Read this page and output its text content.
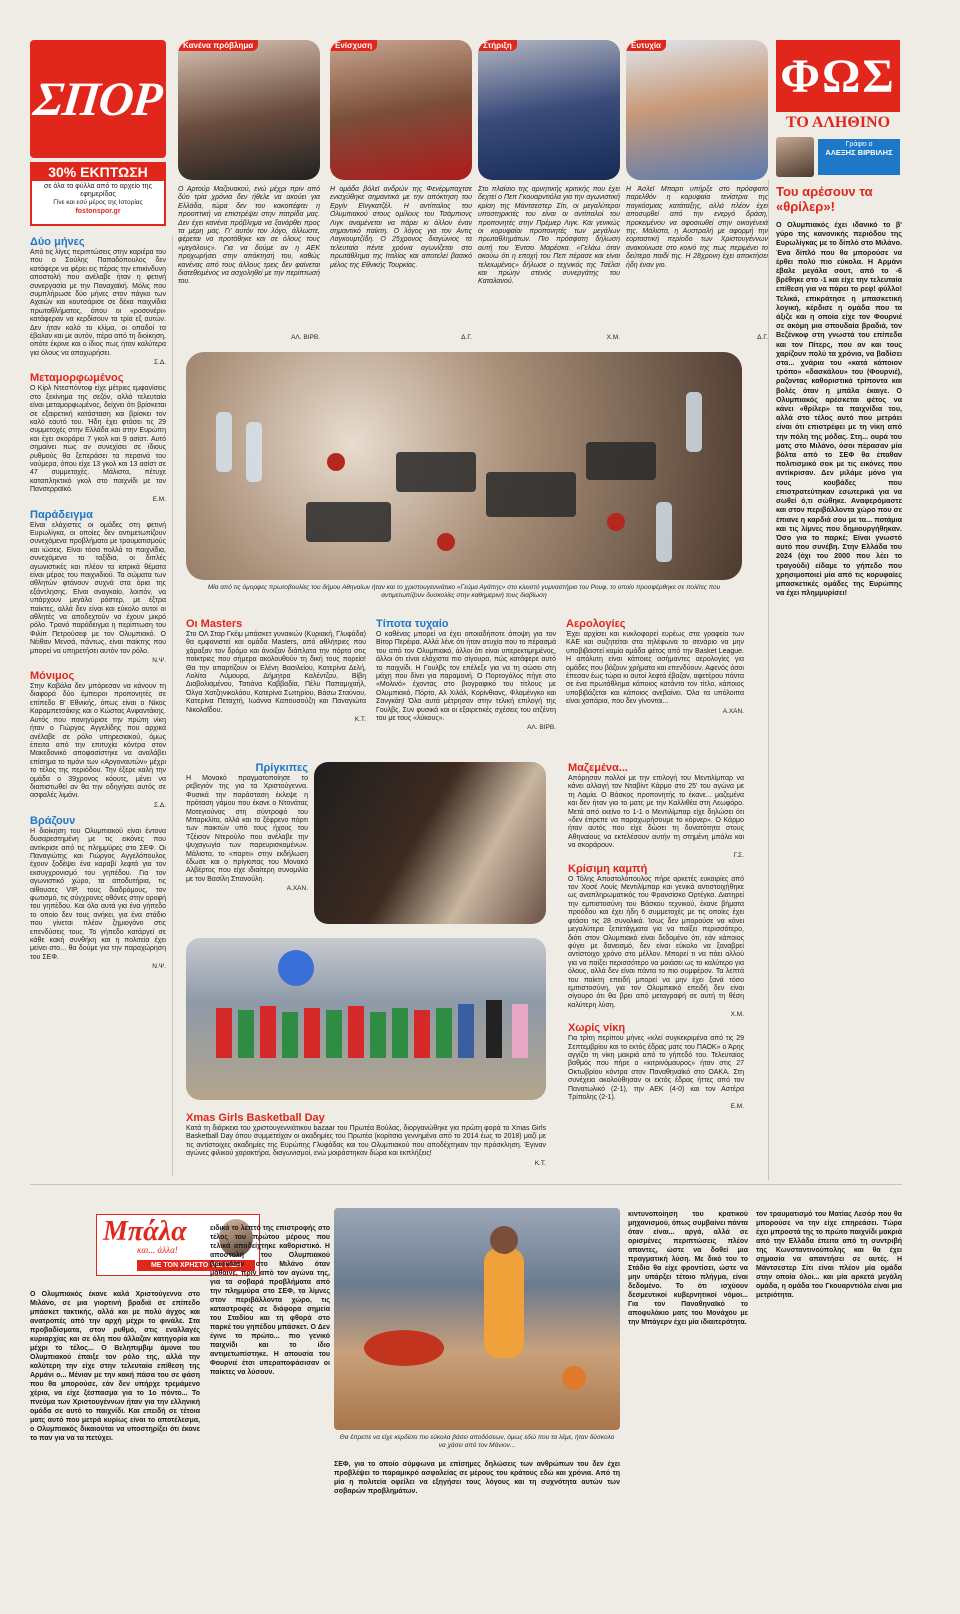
ΣΠΟΡ
30% ΕΚΠΤΩΣΗ
σε όλα τα φύλλα από το αρχείο της εφημερίδας
Γίνε και εσύ μέρος της Ιστορίας
fostonspor.gr
Κανένα πρόβλημα
Ο Αρτούρ Μαζουακού, ενώ μέχρι πριν από δύο τρία χρόνια δεν ήθελε να ακούει για Ελλάδα, τώρα δεν του κακοπέφτει η προοπτική να επιστρέψει στην πατρίδα μας. Δεν έχει κανένα πρόβλημα να ξανάρθει προς τα μέρη μας. Γι' αυτόν τον λόγο, άλλωστε, φέρεται να προτάθηκε και σε όλους τους «μεγάλους». Για να δούμε αν η ΑΕΚ προχωρήσει στην απόκτησή του, καθώς κανένας από τους άλλους τρεις δεν φαίνεται διατεθειμένος να ασχοληθεί με την περίπτωσή του.
ΑΛ. ΒΙΡΒ.
Ενίσχυση
Η ομάδα βόλεϊ ανδρών της Φενέρμπαχτσε ενισχύθηκε σημαντικά με την απόκτηση του Εργίν Εϊνγκατζέλ. Η αντίπαλος του Ολυμπιακού στους ομίλους του Τσάμπιονς Λιγκ αναμένεται να πάρει κι άλλον έναν σημαντικό παίκτη. Ο λόγος για τον Αντις Λαγκουμτζίδη. Ο 25χρονος διαγώνιος τα τελευταία πέντε χρόνια αγωνίζεται στο πρωτάθλημα της Ιταλίας και αποτελεί βασικό μέλος της Εθνικής Τουρκίας.
Δ.Γ.
Στήριξη
Στο πλαίσιο της αρνητικής κριτικής που έχει δεχτεί ο Πεπ Γκουαρντιόλα για την αγωνιστική κρίση της Μάντσεστερ Σίτι, οι μεγαλύτεροι υποστηρικτές του είναι οι αντίπαλοί του προπονητές στην Πρέμιερ Λιγκ. Και γενικώς οι κορυφαίοι προπονητές των μεγάλων πρωταθλημάτων. Πιο πρόσφατη δήλωση αυτή του Έντσο Μαρέσκα. «Γελάω όταν ακούω ότι η εποχή του Πεπ πέρασε και είναι τελειωμένος» δήλωσε ο τεχνικός της Τσέλσι και πρώην στενός συνεργάτης του Καταλανού.
Χ.Μ.
Ευτυχία
Η Άσλεϊ Μπαρτι υπήρξε στο πρόσφατο παρελθόν η κορυφαία τενίστρια της παγκόσμιας κατάταξης, αλλά πλέον έχει αποσυρθεί από την ενεργό δράση, προκειμένου να αφοσιωθεί στην οικογένειά της. Μάλιστα, η Αυστραλή με αφορμή την εορταστική περίοδο των Χριστουγέννων ανακοίνωσε στο κοινό της πως περιμένει το δεύτερο παιδί της. Η 28χρονη έχει αποκτήσει ήδη έναν γιο.
Δ.Γ.
Δύο μήνες
Από τις λίγες περιπτώσεις στην καριέρα του που ο Σούλης Παπαδόπουλος δεν κατάφερε να φέρει εις πέρας την επικίνδυνη αποστολή που ανέλαβε ήταν η φετινή συνεργασία με την Παναχαϊκή. Μόλις που συμπλήρωσε δύο μήνες στον πάγκο των Αχαιών και κουτσάρισε σε δέκα παιχνίδια πρωταθλήματος, όπου οι «ροσονέρι» κατάφεραν να κερδίσουν τα τρία εξ αυτών. Δεν ήταν καλό το κλίμα, οι οπαδοί τα έβαλαν και με αυτόν, πέρα από τη διοίκηση, οπότε έκρινε και ο ίδιος πως ήταν καλύτερα για όλους να αποχωρήσει.
Σ.Δ.
Μεταμορφωμένος
Ο Κίρλ Ντεσπόντοφ είχε μέτριες εμφανίσεις στο ξεκίνημα της σεζόν, αλλά τελευταία είναι μεταμορφωμένος, δείχνει ότι βρίσκεται σε εξαιρετική κατάσταση και βρίσκει τον καλό εαυτό του. Ήδη έχει φτάσει τις 29 συμμετοχές στην Ελλάδα και στην Ευρώπη και έχει σκοράρει 7 γκολ και 9 ασίστ. Αυτό σημαίνει πως αν συνεχίσει σε ίδιους ρυθμούς θα ξεπεράσει τα περσινά του νούμερα, όπου είχε 13 γκολ και 13 ασίστ σε 47 συμμετοχές. Μάλιστα, πέτυχε καταπληκτικό γκολ στο παιχνίδι με τον Πανσερραϊκό.
Ε.Μ.
Παράδειγμα
Είναι ελάχιστες οι ομάδες στη φετινή Ευρωλίγκα, οι οποίες δεν αντιμετωπίζουν συνεχόμενα προβλήματα με τραυματισμούς και ιώσεις. Είναι τόσα πολλά τα παιχνίδια, συνεχόμενα τα ταξίδια, οι διπλές αγωνιστικές και πλέον τα ιατρικά θέματα είναι μέρος του παιχνιδιού. Τα σώματα των αθλητών φτάνουν συχνά στα όρια της εξάντλησης. Είναι αναγκαίο, λοιπόν, να υπάρχουν μεγάλα ρόστερ, με έξτρα παίκτες, αλλά δεν είναι και εύκολο αυτοί οι αθλητές να αποδεχτούν να έχουν μικρό ρόλο. Τρανό παράδειγμα η περίπτωση του Φιλίπ Πετρούσεφ με τον Ολυμπιακό. Ο Νέιθαν Μενσά, πάντως, είναι παίκτης που μπορεί να υπηρετήσει αυτόν τον ρόλο.
Ν.Ψ.
Μόνιμος
Στην Καβάλα δεν μπόρεσαν να κάνουν τη διαφορά δύο έμπειροι προπονητές σε επίπεδο Β' Εθνικής, όπως είναι ο Νίκος Καραμπετσάκης και ο Κώστας Ανφαντάκης. Αυτός που πανηγύρισε την πρώτη νίκη ήταν ο Γιώργος Αγγελίδης που αρχικά ανέλαβε σε ρόλο υπηρεσιακού, όμως έπειτα από την επιτυχία κόντρα στον Μακεδονικό αποφασίστηκε να αναλάβει επίσημα το τιμόνι των «Αργοναυτών» μέχρι το τέλος της περιόδου. Την έξερε καλή την ομάδα ο 39χρονος κόουτς, μένει να διαπιστωθεί αν θα την οδηγήσει αυτός σε ασφαλές λιμάνι.
Σ.Δ.
Βράζουν
Η διοίκηση του Ολυμπιακού είναι έντονα δυσαρεστημένη με τις εικόνες που αντίκρισε από τις πλημμύρες στο ΣΕΦ. Οι Παναγιώτης και Γιώργος Αγγελόπουλος έχουν ξοδέψει ένα καραβί λεφτά για τον εκσυγχρονισμό του γηπέδου. Για τον αγωνιστικό χώρο, τα αποδυτήρια, τις αίθουσες VIP, τους διαδρόμους, τον φωτισμό, τις σύγχρονες οθόνες στην οροφή του γηπέδου. Και όλα αυτά για ένα γήπεδο το οποίο δεν τους ανήκει, για ένα στάδιο που γίνεται πλέον ζημιογόνο στις επενδύσεις τους. Το γήπεδο κατάργεί σε κάθε κακή συνθήκη και η πολιτεία έχει μείνει στο... θα δούμε για την παραχώρηση του ΣΕΦ.
Ν.Ψ.
Μία από τις όμορφες πρωτοβουλίες του δήμου Αθηναίων ήταν και το χριστουγεννιάτικο «Γεύμα Αγάπης» στο κλειστό γυμναστήριο του Ρουφ, το οποίο προσφέρθηκε σε πολίτες που αντιμετωπίζουν δυσκολίες στην καθημερινή τους διαβίωση
Οι Masters
Στο ΟΛ Σταρ Γκέιμ μπάσκετ γυναικών (Κυριακή, Γλυφάδα) θα εμφανιστεί και ομάδα Masters, από αθλήτριες που χάραξαν τον δρόμο και άνοιξαν διάπλατα την πόρτα στις παίκτριες που σήμερα ακολουθούν τη δική τους πορεία! Θα την απαρτίζουν οι Ελένη Βασιλείου, Κατερίνα Δελή, Λολίτα Λύμουρα, Δήμητρα Καλέντζου, Βίβη Διαβολιαμένου, Τατιάνα Καββαδία, Πέλυ Παπαμιχαήλ, Όλγα Χατζηνικολάου, Κατερίνα Σωτηρίου, Βάσω Σταύνου, Κατερίνα Πεταχτή, Ιωάννα Καπουσούζη και Παναγιώτα Νικολαΐδου.
Κ.Τ.
Τίποτα τυχαίο
Ο καθένας μπορεί να έχει οποιαδήποτε άποψη για τον Βίτορ Περέιρα. Αλλά λένε ότι ήταν ατυχία που το πέρασμά του από τον Ολυμπιακό, άλλοι ότι είναι υπερεκτιμημένος, άλλοι ότι είναι ελάχιστα πιο σίγουρα, πώς κατάφερε αυτό το παιχνίδι. Η Γουλβς τον επέλεξε για να τη σώσει στη μάχη που δίνει για παραμονή. Ο Πορτογάλος πήγε στο «Μολινό» έχοντας στο βιογραφικό του τίτλους με Ολυμπιακό, Πόρτο, Αλ Χιλάλ, Κορίνθιανς, Φλαμένγκο και Σανγκάη! Όλα αυτά μέτρησαν στην τελική επιλογή της Γουλβς. Συν φυσικά και οι εξαιρετικές σχέσεις του ατζέντη του με τους «λύκους».
ΑΛ. ΒΙΡΒ.
Αερολογίες
Έχει αρχίσει και κυκλοφορεί ευρέως στα γραφεία των ΚΑΕ και συζητείται στα τηλέφωνα το σενάριο να μην υποβιβαστεί καμία ομάδα φέτος από την Basket League. Η απόλυτη είναι κάποιες ασήμαντες αερολογίες για ομάδες που βάζουν χρήματα και επενδύουν. Αφενός όσοι έπεσαν έως τώρα κι αυτοί λεφτά έβαζαν, αφετέρου πάντα σε ένα πρωτάθλημα κάποιος κατάντα τον τίτλο, κάποιος υποβιβάζεται και κάποιος ανεβαίνει. Όλα τα υπόλοιπα είναι χαπάρια, που δεν γίνονται...
Α.ΧΑΝ.
Πρίγκιπες
Η Μονακό πραγματοποίησε το ρεβεγιόν της για τα Χριστούγεννα. Φυσικά την παράσταση έκλεψε η πρόταση γάμου που έκανε ο Ντονάτας Μοτεγιούνας στη σύντροφό του Μπαρκλίτα, αλλά και το ξέφρενο πάρτι των παικτών υπό τους ήχους του Τζέισον Ντερούλο που ανέλαβε την ψυχαγωγία των παρευρισκομένων. Μάλιστα, το «παρτι» στην εκδήλωση έδωσε και ο πρίγκιπας του Μονακό Αλβέρτος που είχε ιδιαίτερη συνομιλία με τον Βασίλη Σπανούλη.
Α.ΧΑΝ.
Μαζεμένα...
Απόρησαν πολλοί με την επιλογή του Μεντιλίμπαρ να κάνει αλλαγή τον Νταβίντ Κάρμο στο 25' του αγώνα με τη Λαμία. Ο Βάσκος προπονητής το έκανε... μαζεμένα και δεν ήταν για το ματς με την Καλλιθέα στη Λεωφόρο. Μετά από εκείνο το 1-1 ο Μεντιλίμπαρ είχε δηλώσει ότι «δεν έπρεπε να παραχωρήσουμε το κόρνερ». Ο Κάρμο ήταν αυτός που είχε δώσει τη δυνατότητα στους Αθηναίους να εκτελέσουν αυτήν τη στημένη μπάλα και να σκοράρουν.
Γ.Σ.
Κρίσιμη καμπή
Ο Τόλης Αποστολόπουλος πήρε αρκετές ευκαιρίες από τον Χοσέ Λουίς Μεντιλίμπαρ και γενικά αντιστοιχήθηκε ως αναπληρωματικός του Φρανσίσκο Ορτέγκα. Διατηρεί την εμπιστοσύνη του Βάσκου τεχνικού, έκανε βήματα προόδου και έχει ήδη 6 συμμετοχές με τις οποίες έχει φτάσει τις 28 συνολικά. Ίσως δεν μπορούσε να κάνει μεγαλύτερα ξεπετάγματα για να παίξει περισσότερο, διότι στον Ολυμπιακό είναι δεδομένο ότι, εάν κάποιος φύγει με δανεισμό, δεν είναι εύκολο να ξαναβρεί αντίστοιχο χρόνο στο μέλλον. Μπορεί τι να πάει αλλού για να παίξει περισσότερο να μοιάσει ως το καλύτερο για όλους, αλλά δεν είναι πάντα το πιο συμφέρον. Τα λεπτά του παίκτη επειδή μπορεί να μην έχει ξανά τόσο εμπιστοσύνη, για τον Ολυμπιακό επειδή δεν είναι σίγουρο ότι θα βρει από μεταγραφή σε αυτή τη θέση καλύτερη λύση.
Χ.Μ.
Χωρίς νίκη
Για τρίτη περίπου μήνες «κλεί συγκεκριμένα από τις 29 Σεπτεμβρίου και το εκτός έδρας ματς του ΠΑΟΚ» ο Άρης αγγίζει τη νίκη μακριά από το γήπεδό του. Τελευταίος βαθμός που πήρε ο «κιτρινόμαυρος» ήταν στις 27 Οκτωβρίου κόντρα στον Παναθηναϊκό στο ΟΑΚΑ. Στη συνέχεια ακολούθησαν οι εκτός έδρας ήττες από τον Πανατωλικό (2-1), την ΑΕΚ (4-0) και τον Αστέρα Τρίπολης (2-1).
Ε.Μ.
Xmas Girls Basketball Day
Κατά τη διάρκεια του χριστουγεννιάτικου bazaar του Πρωτέα Βούλας, διοργανώθηκε για πρώτη φορά το Xmas Girls Basketball Day όπου συμμετείχαν οι ακαδημίες του Πρωτέα (κορίτσια γεννημένα από το 2014 έως το 2018) μαζί με τις αντίστοιχες ακαδημίες της Ευρώπης Γλυφάδας και του Ολυμπιακού που αποδέχτηκαν την πρόσκληση. Έγιναν αγώνες φιλικού χαρακτήρα, διαγωνισμοί, ενώ μοιράστηκαν δώρα και εκπλήξεις!
Κ.Τ.
ΦΩΣ
ΤΟ ΑΛΗΘΙΝΟ
Γράφει ο
ΑΛΕΞΗΣ ΒΙΡΒΙΛΗΣ
Του αρέσουν τα «θρίλερ»!
Ο Ολυμπιακός έχει ιδανικό το β' γύρο της κανονικής περιόδου της Ευρωλίγκας με το δίπλό στο Μιλάνο. Ένα δίπλό που θα μπορούσε να έρθει πολύ πιο εύκολα. Η Αρμάνι έβαλε μεγάλα σουτ, από το -6 βρέθηκε στο -1 και είχε την τελευταία επίθεση για να πάρει το ρεφ! φύλλο! Τελικά, επικράτησε η μπασκετική λογική, κέρδισε η ομάδα που τα άξιζε και η οποία είχε τον Φουρνιέ σε ακόμη μια σπουδαία βραδιά, τον Βεζένκοφ στη γνωστά του επίπεδα και τον Πίτερς, που αν και τους χαρίζουν πολύ τα χρόνια, να βαδίσει στα... χνάρια του «κατά κάποιον τρόπο» «δασκάλου» του (Φουρνιέ), ραζοντας καθοριστικά τρίποντα και βολές όταν η μπάλα έκαιγε. Ο Ολυμπιακός αρέσκεται φέτος να κάνει «θρίλερ» τα παιχνίδια του, αλλά στο τέλος αυτό που μετράει είναι ότι επιστρέφει με τη νίκη από την πόλη της μόδας. Στη... ουρά του ματς στο Μιλάνο, όσοι πέρασαν μία βόλτα από το ΣΕΦ θα έπαθαν πολιτισμικό σοκ με τις εικόνες που αντίκρισαν. Δεν μιλάμε μόνο για τους κουβάδες που επιστρατεύτηκαν εσωτερικά για να σωθεί ό,τι σώθηκε. Αναφερόμαστε και στον περιβάλλοντα χώρο που σε έπιανε η καρδιά σου με τα... ποτάμια και τις λίμνες που δημιουργήθηκαν. Όσο για το παρκέ; Είναι γνωστό αυτό που συνέβη. Στην Ελλάδα του 2024 (όχι του 2000 που λέει το τραγούδι) είδαμε το γήπεδο που χρησιμοποιεί μία από τις κορυφαίες μπασκετικές ομάδες της Ευρώπης να έχει πλημμυρίσει!
Μπάλα
και... άλλα!
ΜΕ ΤΟΝ ΧΡΗΣΤΟ ΜΕΓΓΙΔΗ
Ο Ολυμπιακός έκανε καλά Χριστούγεννα στο Μιλάνο, σε μια γιορτινή βραδιά σε επίπεδο μπάσκετ τακτικής, αλλά και με πολύ άγχος και ανατροπές από την αρχή μέχρι το φινάλε. Στα προβαδίσματα, στον ρυθμό, στις εναλλαγές κυριαρχίας και σε όλη που άλλαζαν κατηγορία και μέχρι το τέλος... Ο Βεληπιμβιμ άμυνα του Ολυμπιακού έπαιξε τον ρόλο της, αλλά την καλύτερη την είχε στην τελευταία επίθεση της Αρμάνι ο... Μένιαν με την κακή πάσα του σε φάση που θα μπορούσε, εάν δεν υπήρχε τρεμάμενο χέρια, να είχε ξέσπασμα για το 1ο πόντο... Το πνεύμα των Χριστουγέννων ήταν για την ελληνική ομάδα σε αυτό το παιχνίδι. Και επειδή σε τέτοια ματς αυτό που μετρά κυρίως είναι το αποτέλεσμα, ο Ολυμπιακός δικαιούται να υποστηρίξει ότι έκανε το παν για να τα πετύχει.
ειδικά το λεπτό της επιστροφής στο τέλος του πρώτου μέρους που τελικά αποδείχτηκε καθοριστικό. Η αποστολή του Ολυμπιακού βρισκόταν στο Μιλάνο όταν μάθαινε, πριν από τον αγώνα της, για τα σοβαρά προβλήματα από την πλημμύρα στο ΣΕΦ, τα λίμνες στον περιβάλλοντα χώρο, τις καταστροφές σε διάφορα σημεία του Σταδίου και τη φθορά στο παρκέ του γηπέδου μπάσκετ. Ο Δεν έγινε το πρώτο... πιο γενικό παιχνίδι και το ίδιο αντιμετωπίστηκε. Η απουσία του Φουρνιέ έτσι υπεραποφάσισαν οι παίκτες να λύσουν.
Θα έπρεπε να είχε κερδίσει πιο εύκολα βάσει αποδόσεων, όμως εδώ που τα λέμε, ήταν δύσκολο να χάσει από τον Μάνιον...
ΣΕΦ, για το οποίο σύμφωνα με επίσημες δηλώσεις των ανθρώπων του δεν έχει προβλέψει το παραμικρό ασφαλείας σε μέρους του κράτους εδώ και χρόνια. Από τη μία η πολιτεία οφείλει να εξηγήσει τους λόγους και τη συχνότητα αυτών των σοβαρών προβλημάτων.
κιντυνοποίηση του κρατικού μηχανισμού, όπως συμβαίνει πάντα όταν είναι... αργά, αλλά σε ορισμένες περιπτώσεις πλέον απαντες, ώστε να δοθεί μια πραγματική λύση. Με δικό του το Στάδιο θα είχε φροντίσει, ώστε να μην υπάρξει τέτοιο πλήγμα, είναι δεδομένο. Το ότι ισχύουν δεσμευτικοί κυβερνητικοί νόμοι... Για τον Παναθηναϊκό το αποφυλάκιο ματς του Μονάχου με την Μπάγερν έχει μία ιδιαιτερότητα.
τον τραυματισμό του Ματίας Λεσόρ που θα μπορούσε να την είχε επηρεάσει. Τώρα έχει μπροστά της το πρώτο παιχνίδι μακριά από την Ελλάδα έπειτα από τη συντριβή της Κωνσταντινούπολης και θα έχει σημασία να απαντήσει σε αυτές. Η Μάντσεστερ Σίτι είναι πλέον μία ομάδα στην οποία όλοι... και μία αρκετά μεγάλη ομάδα, η ομάδα του Γκουαρντιόλα είναι μια μετριότητα.
